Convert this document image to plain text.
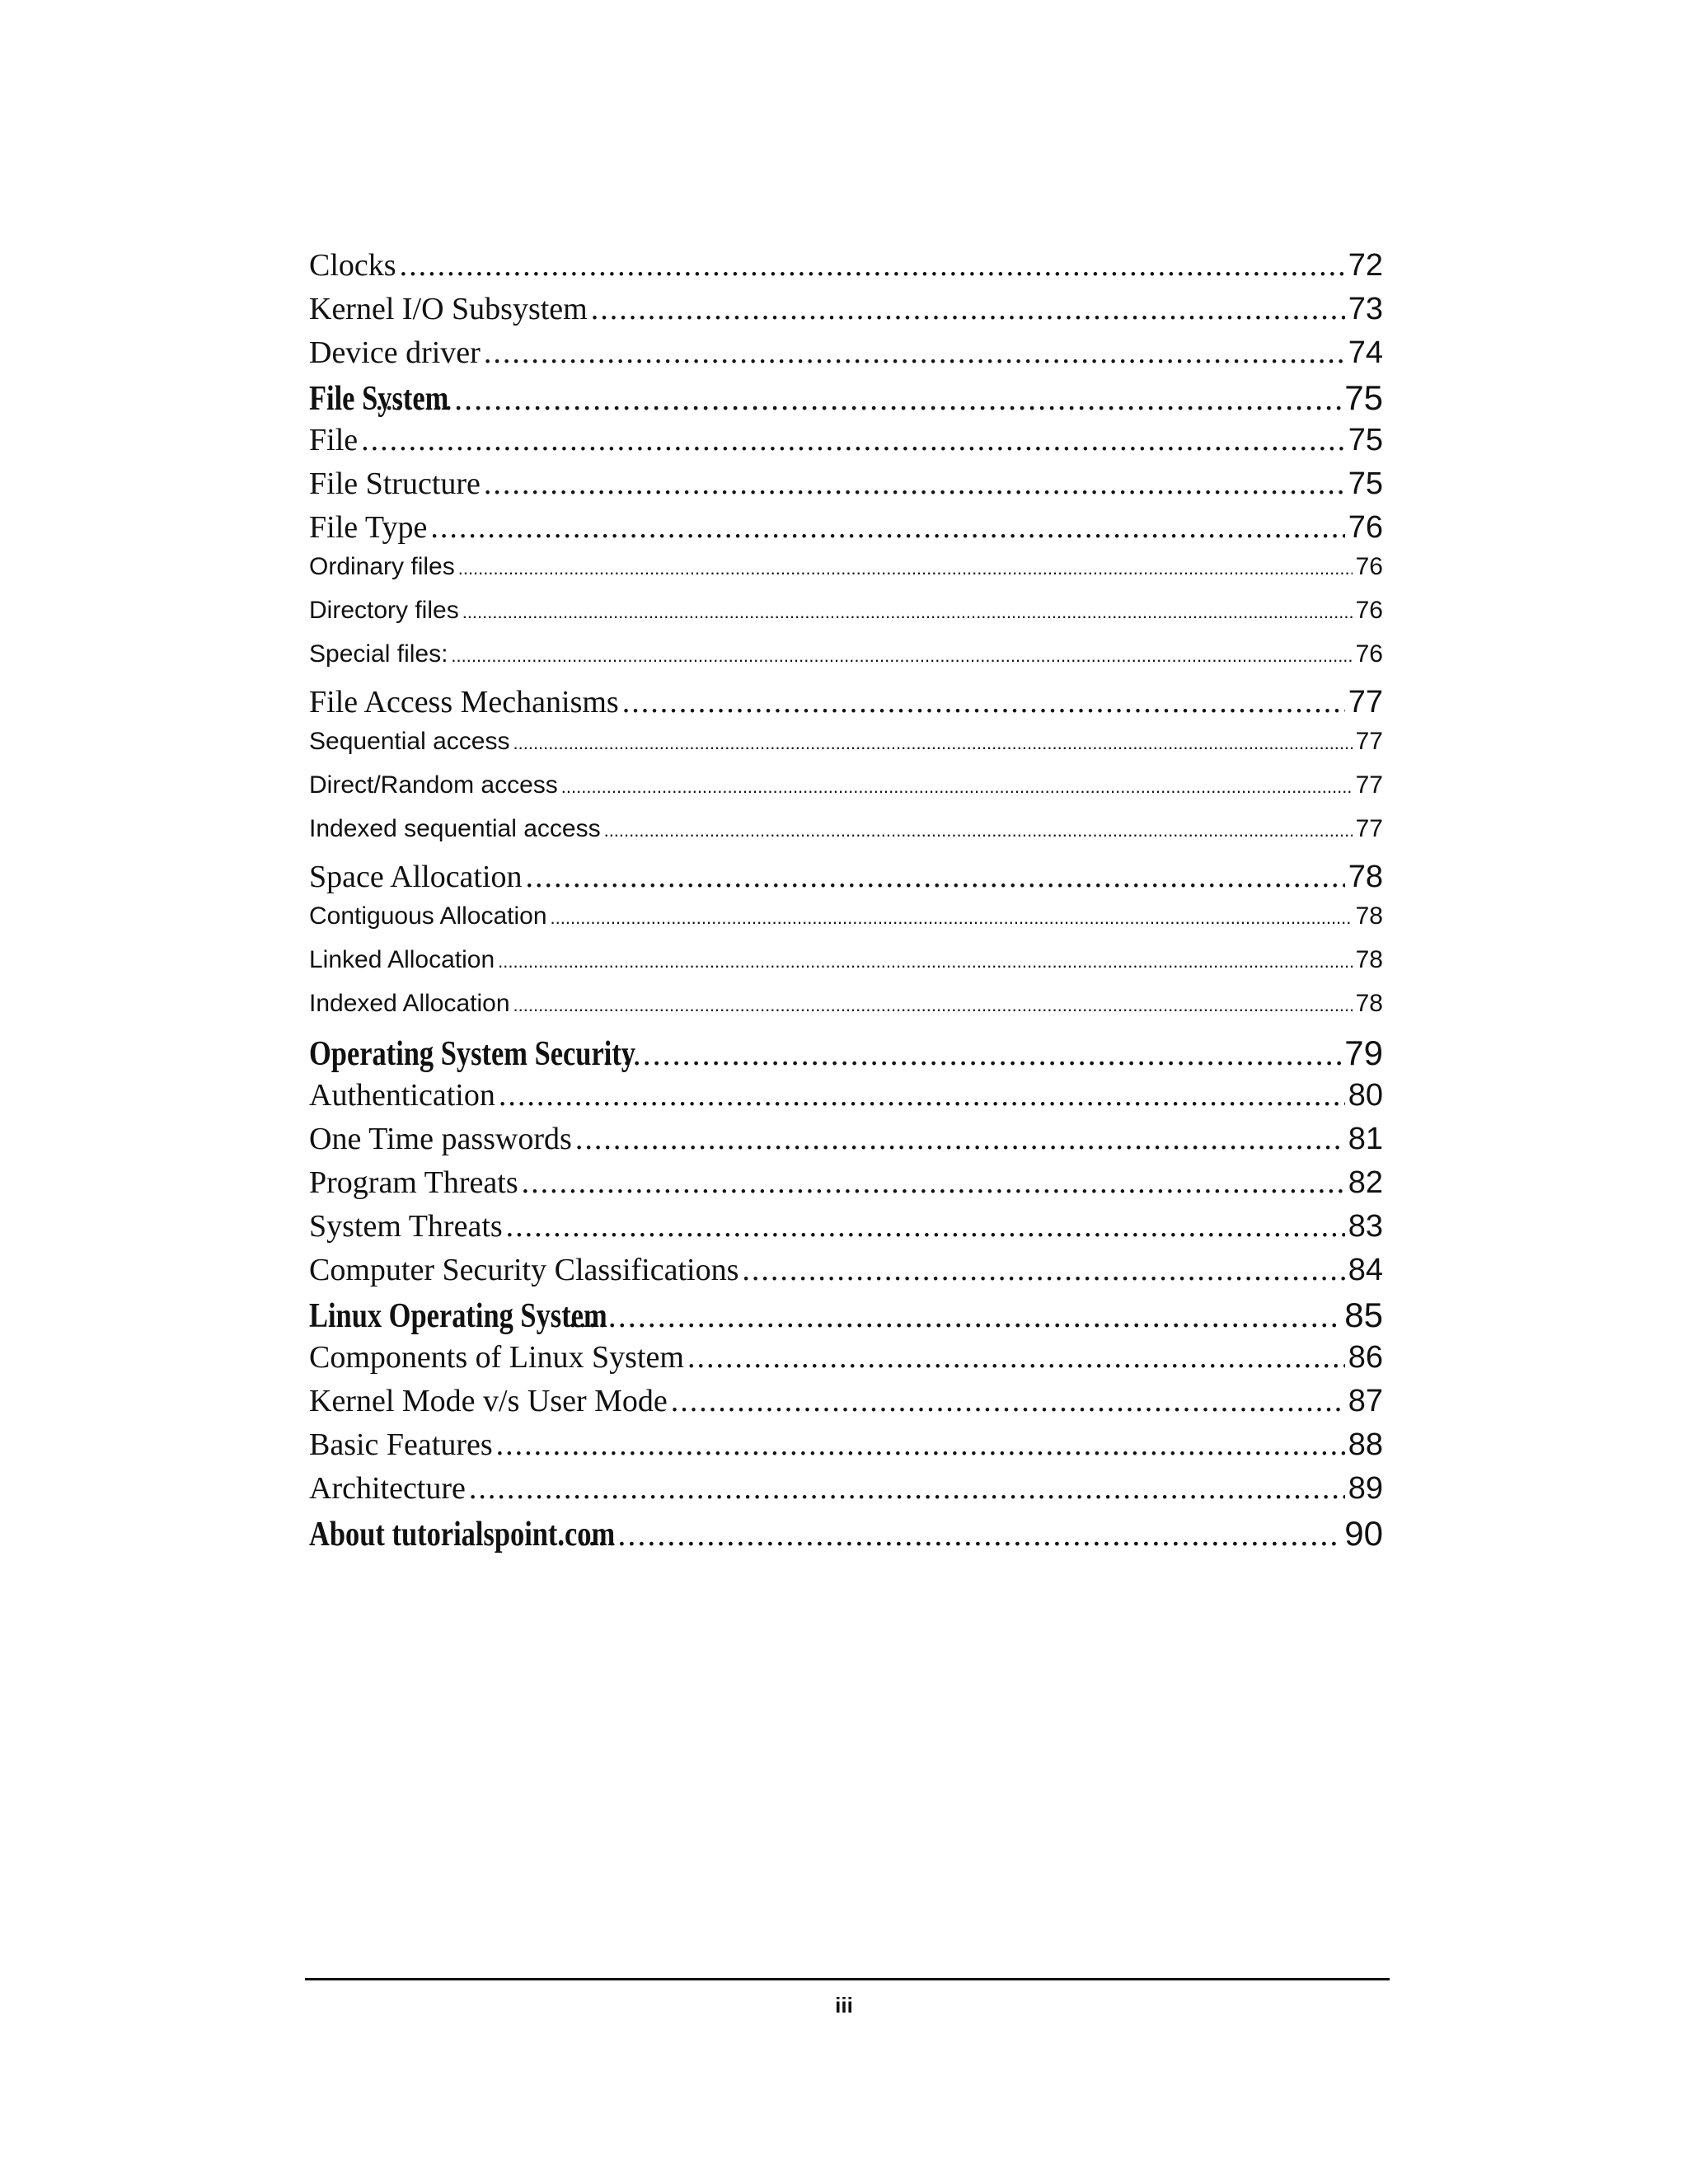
Clocks .....	72
Kernel I/O Subsystem .....	73
Device driver .....	74
File System .....	75
File .....	75
File Structure .....	75
File Type .....	76
Ordinary files .....	76
Directory files .....	76
Special files: .....	76
File Access Mechanisms .....	77
Sequential access .....	77
Direct/Random access .....	77
Indexed sequential access .....	77
Space Allocation .....	78
Contiguous Allocation .....	78
Linked Allocation .....	78
Indexed Allocation .....	78
Operating System Security .....	79
Authentication .....	80
One Time passwords .....	81
Program Threats .....	82
System Threats .....	83
Computer Security Classifications .....	84
Linux Operating System .....	85
Components of Linux System .....	86
Kernel Mode v/s User Mode .....	87
Basic Features .....	88
Architecture .....	89
About tutorialspoint.com .....	90
iii
